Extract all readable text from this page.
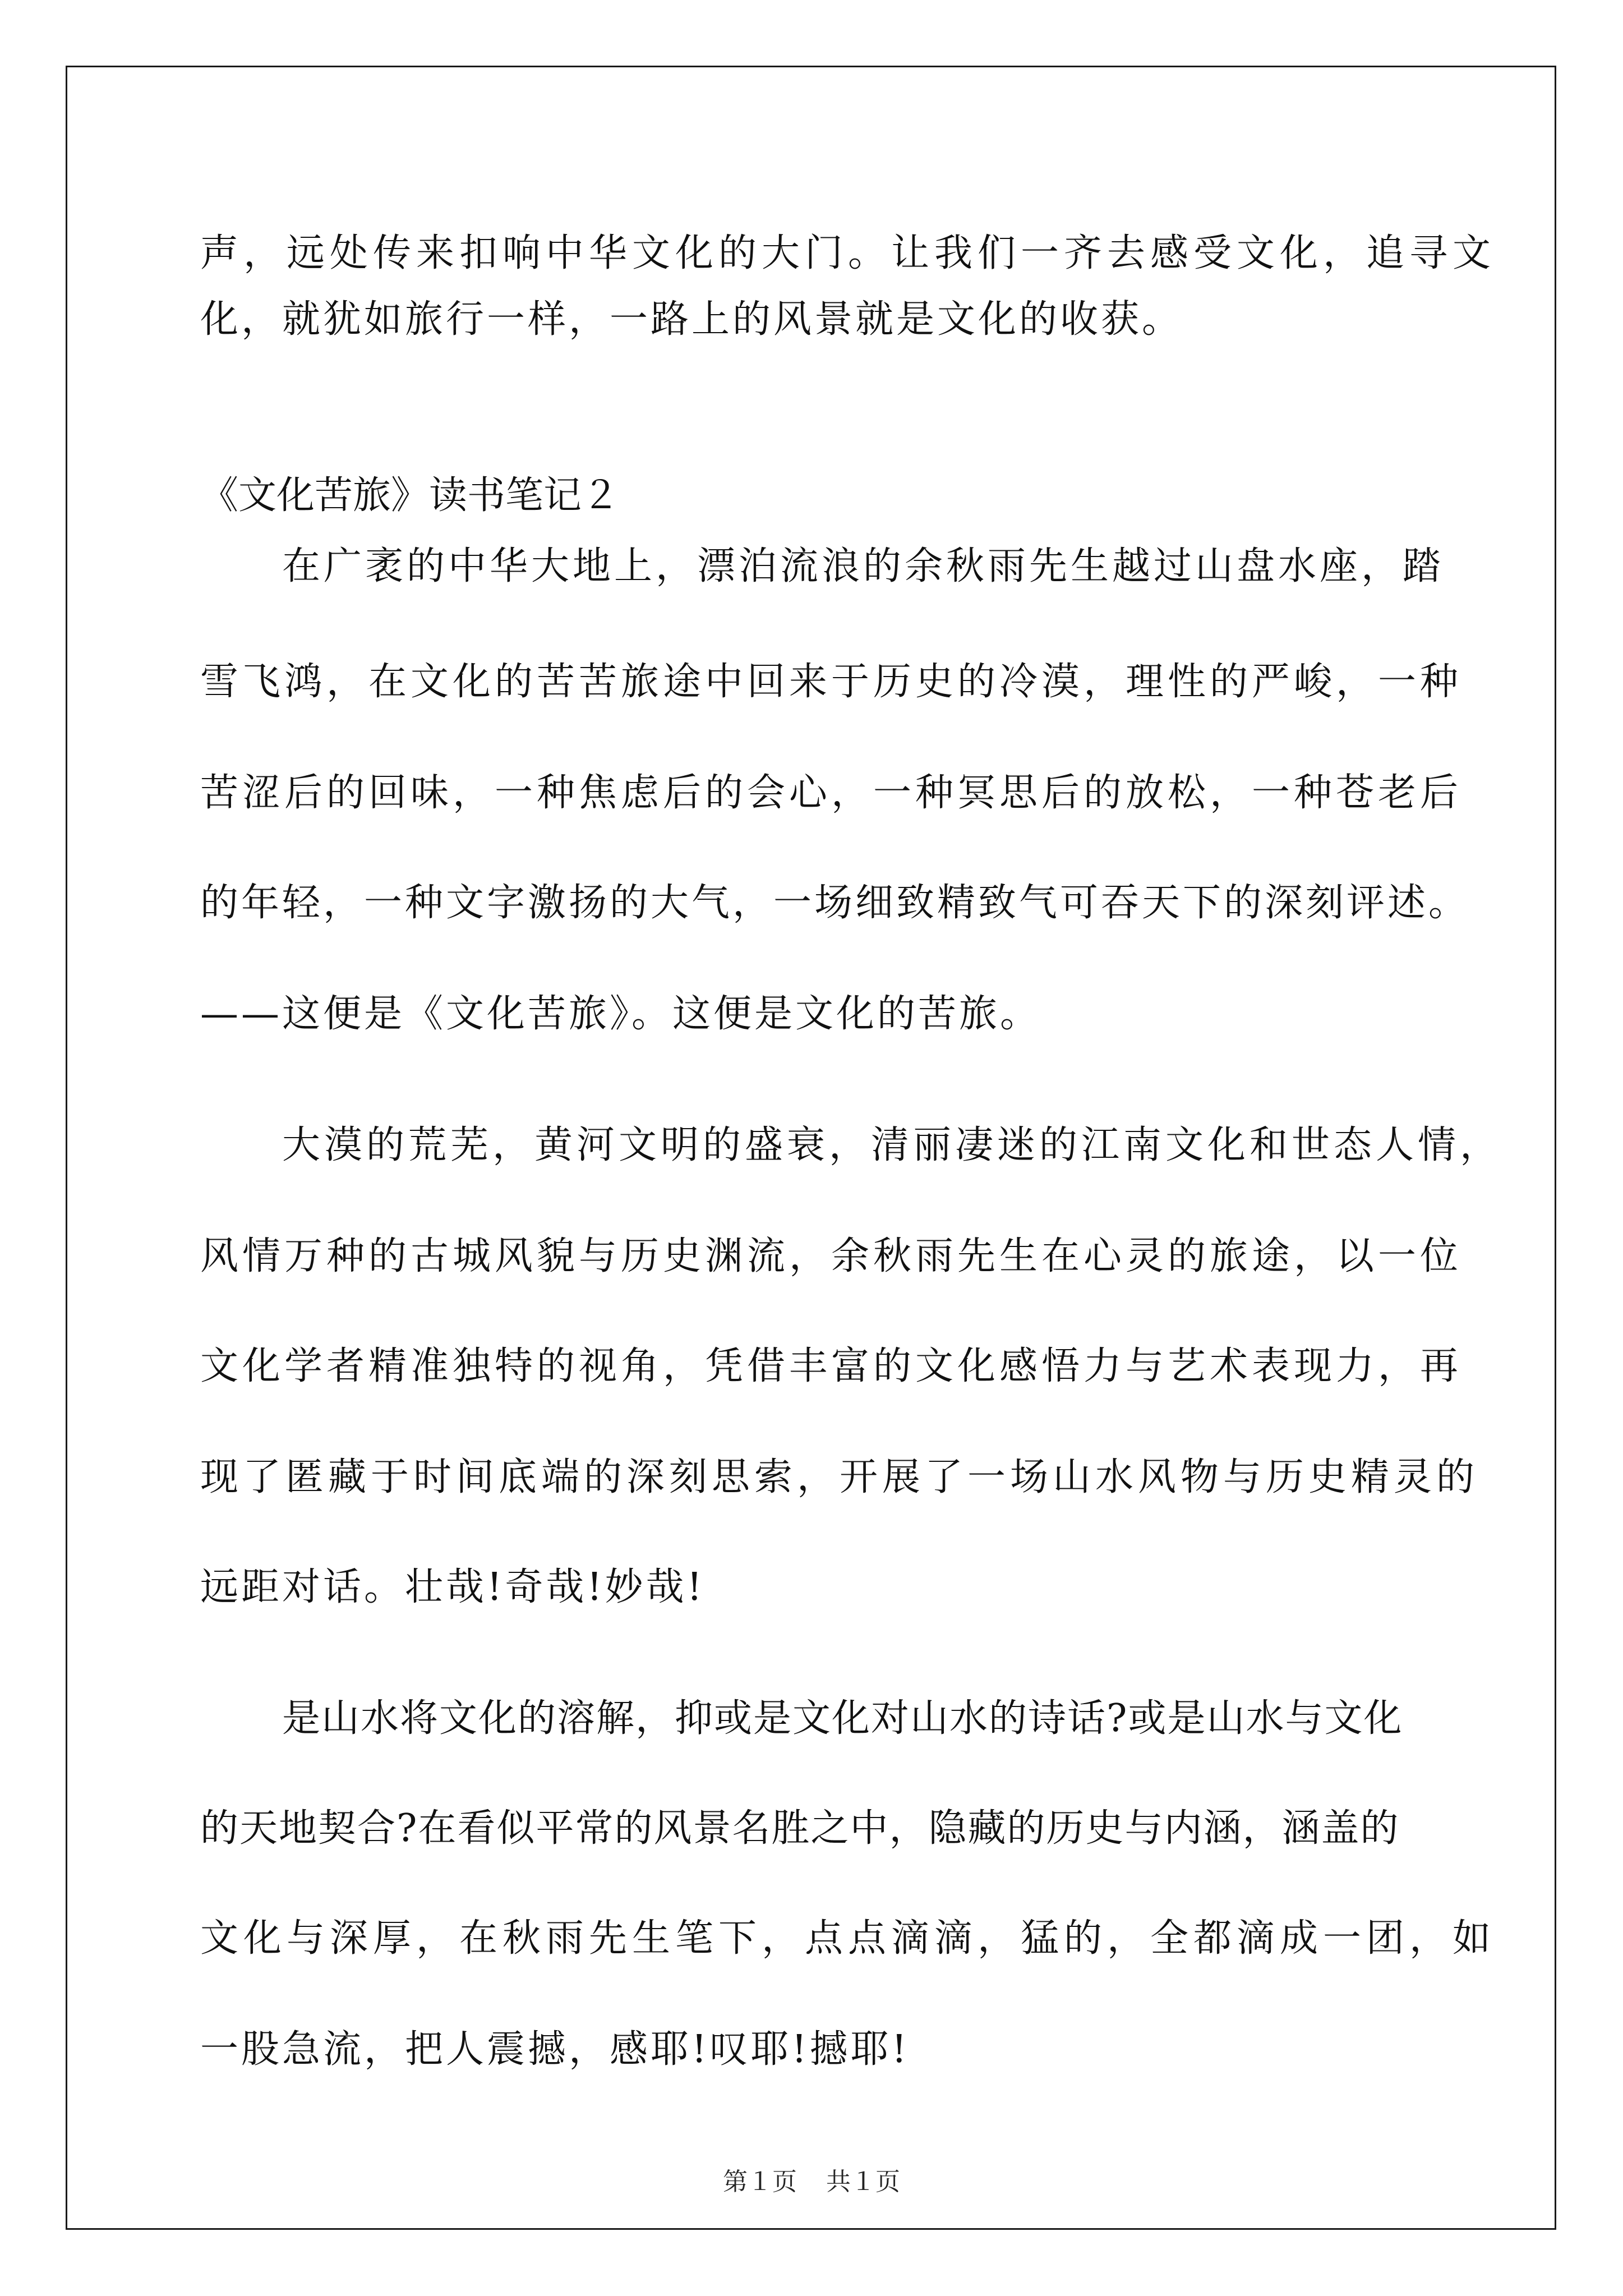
声，远处传来扣响中华文化的大门。让我们一齐去感受文化，追寻文
化，就犹如旅行一样，一路上的风景就是文化的收获。
《文化苦旅》读书笔记２
在广袤的中华大地上，漂泊流浪的余秋雨先生越过山盘水座，踏
雪飞鸿，在文化的苦苦旅途中回来于历史的冷漠，理性的严峻，一种
苦涩后的回味，一种焦虑后的会心，一种冥思后的放松，一种苍老后
的年轻，一种文字激扬的大气，一场细致精致气可吞天下的深刻评述。
——这便是《文化苦旅》。这便是文化的苦旅。
大漠的荒芜，黄河文明的盛衰，清丽凄迷的江南文化和世态人情，
风情万种的古城风貌与历史渊流，余秋雨先生在心灵的旅途，以一位
文化学者精准独特的视角，凭借丰富的文化感悟力与艺术表现力，再
现了匿藏于时间底端的深刻思索，开展了一场山水风物与历史精灵的
远距对话。壮哉!奇哉!妙哉!
是山水将文化的溶解，抑或是文化对山水的诗话?或是山水与文化
的天地契合?在看似平常的风景名胜之中，隐藏的历史与内涵，涵盖的
文化与深厚，在秋雨先生笔下，点点滴滴，猛的，全都滴成一团，如
一股急流，把人震撼，感耶!叹耶!撼耶!
第１页 共１页
